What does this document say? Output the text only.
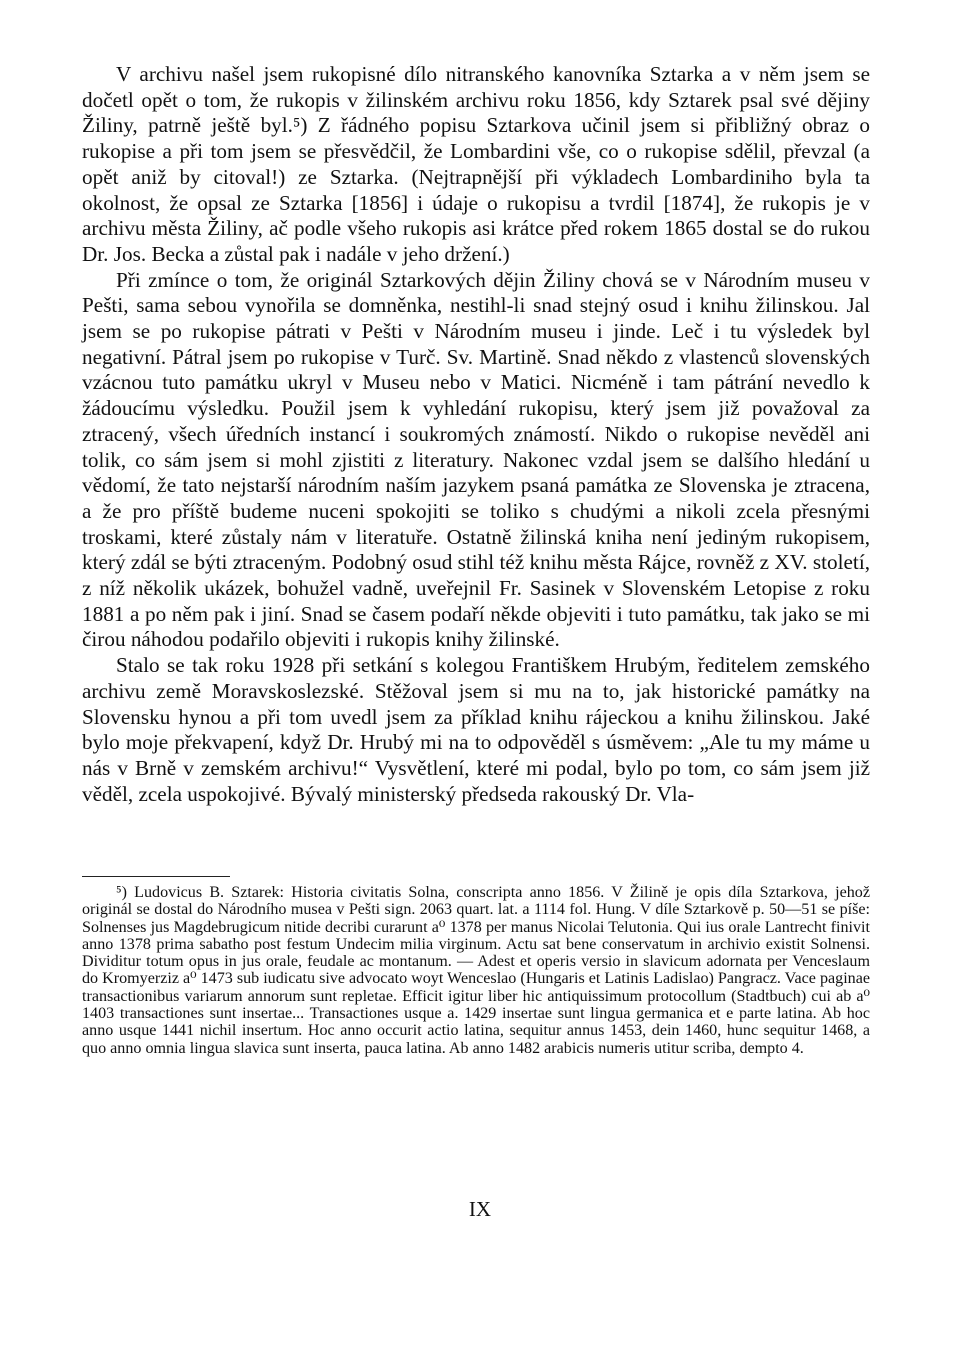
V archivu našel jsem rukopisné dílo nitranského kanovníka Sztarka a v něm jsem se dočetl opět o tom, že rukopis v žilinském archivu roku 1856, kdy Sztarek psal své dějiny Žiliny, patrně ještě byl.⁵) Z řádného popisu Sztarkova učinil jsem si přibližný obraz o rukopise a při tom jsem se přesvědčil, že Lombardini vše, co o rukopise sdělil, převzal (a opět aniž by citoval!) ze Sztarka. (Nejtrapnější při výkladech Lombardiniho byla ta okolnost, že opsal ze Sztarka [1856] i údaje o rukopisu a tvrdil [1874], že rukopis je v archivu města Žiliny, ač podle všeho rukopis asi krátce před rokem 1865 dostal se do rukou Dr. Jos. Becka a zůstal pak i nadále v jeho držení.)

Při zmínce o tom, že originál Sztarkových dějin Žiliny chová se v Národním museu v Pešti, sama sebou vynořila se domněnka, nestihl-li snad stejný osud i knihu žilinskou. Jal jsem se po rukopise pátrati v Pešti v Národním museu i jinde. Leč i tu výsledek byl negativní. Pátral jsem po rukopise v Turč. Sv. Martině. Snad někdo z vlastenců slovenských vzácnou tuto památku ukryl v Museu nebo v Matici. Nicméně i tam pátrání nevedlo k žádoucímu výsledku. Použil jsem k vyhledání rukopisu, který jsem již považoval za ztracený, všech úředních instancí i soukromých známostí. Nikdo o rukopise nevěděl ani tolik, co sám jsem si mohl zjistiti z literatury. Nakonec vzdal jsem se dalšího hledání u vědomí, že tato nejstarší národním naším jazykem psaná památka ze Slovenska je ztracena, a že pro příště budeme nuceni spokojiti se toliko s chudými a nikoli zcela přesnými troskami, které zůstaly nám v literatuře. Ostatně žilinská kniha není jediným rukopisem, který zdál se býti ztraceným. Podobný osud stihl též knihu města Rájce, rovněž z XV. století, z níž několik ukázek, bohužel vadně, uveřejnil Fr. Sasinek v Slovenském Letopise z roku 1881 a po něm pak i jiní. Snad se časem podaří někde objeviti i tuto památku, tak jako se mi čirou náhodou podařilo objeviti i rukopis knihy žilinské.

Stalo se tak roku 1928 při setkání s kolegou Františkem Hrubým, ředitelem zemského archivu země Moravskoslezské. Stěžoval jsem si mu na to, jak historické památky na Slovensku hynou a při tom uvedl jsem za příklad knihu rájeckou a knihu žilinskou. Jaké bylo moje překvapení, když Dr. Hrubý mi na to odpověděl s úsměvem: „Ale tu my máme u nás v Brně v zemském archivu!“ Vysvětlení, které mi podal, bylo po tom, co sám jsem již věděl, zcela uspokojivé. Bývalý ministerský předseda rakouský Dr. Vla-

⁵) Ludovicus B. Sztarek: Historia civitatis Solna, conscripta anno 1856. V Žilině je opis díla Sztarkova, jehož originál se dostal do Národního musea v Pešti sign. 2063 quart. lat. a 1114 fol. Hung. V díle Sztarkově p. 50—51 se píše: Solnenses jus Magdebrugicum nitide decribi curarunt a⁰ 1378 per manus Nicolai Telutonia. Qui ius orale Lantrecht finivit anno 1378 prima sabatho post festum Undecim milia virginum. Actu sat bene conservatum in archivio existit Solnensi. Dividitur totum opus in jus orale, feudale ac montanum. — Adest et operis versio in slavicum adornata per Venceslaum do Kromyerziz a⁰ 1473 sub iudicatu sive advocato woyt Wenceslao (Hungaris et Latinis Ladislao) Pangracz. Vace paginae transactionibus variarum annorum sunt repletae. Efficit igitur liber hic antiquissimum protocollum (Stadtbuch) cui ab a⁰ 1403 transactiones sunt insertae... Transactiones usque a. 1429 insertae sunt lingua germanica et e parte latina. Ab hoc anno usque 1441 nichil insertum. Hoc anno occurit actio latina, sequitur annus 1453, dein 1460, hunc sequitur 1468, a quo anno omnia lingua slavica sunt inserta, pauca latina. Ab anno 1482 arabicis numeris utitur scriba, dempto 4.

IX
